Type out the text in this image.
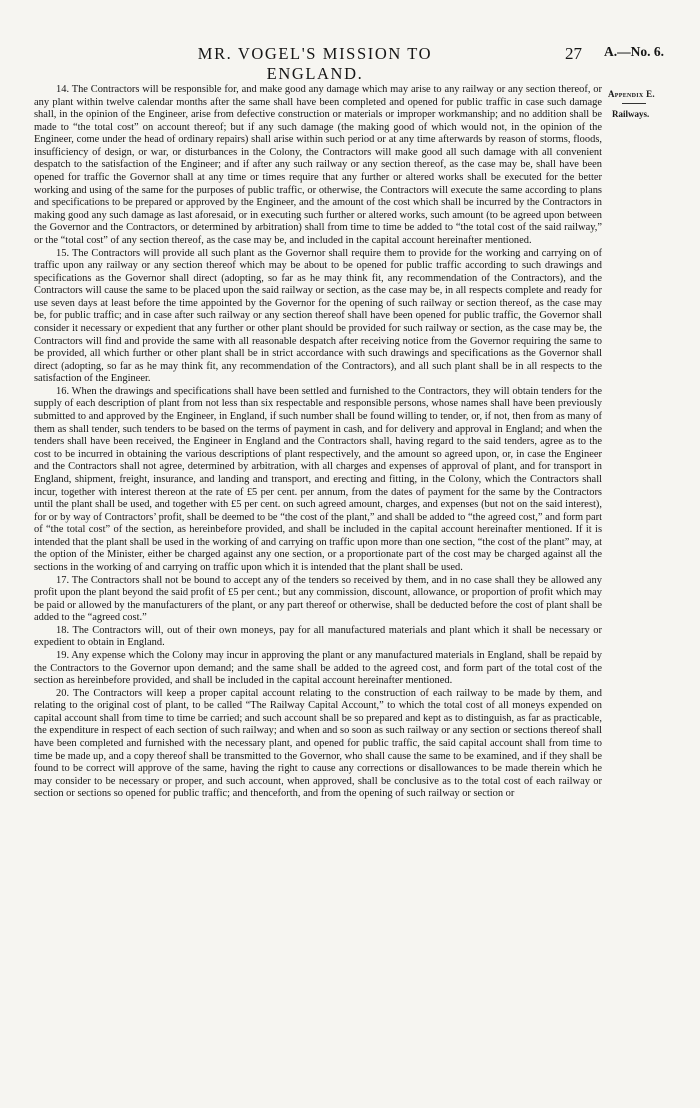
MR. VOGEL'S MISSION TO ENGLAND.
27 A.—No. 6.
Appendix E.
Railways.

14. The Contractors will be responsible for, and make good any damage which may arise to any railway or any section thereof, or any plant within twelve calendar months after the same shall have been completed and opened for public traffic in case such damage shall, in the opinion of the Engineer, arise from defective construction or materials or improper workmanship; and no addition shall be made to “the total cost” on account thereof; but if any such damage (the making good of which would not, in the opinion of the Engineer, come under the head of ordinary repairs) shall arise within such period or at any time afterwards by reason of storms, floods, insufficiency of design, or war, or disturbances in the Colony, the Contractors will make good all such damage with all convenient despatch to the satisfaction of the Engineer; and if after any such railway or any section thereof, as the case may be, shall have been opened for traffic the Governor shall at any time or times require that any further or altered works shall be executed for the better working and using of the same for the purposes of public traffic, or otherwise, the Contractors will execute the same according to plans and specifications to be prepared or approved by the Engineer, and the amount of the cost which shall be incurred by the Contractors in making good any such damage as last aforesaid, or in executing such further or altered works, such amount (to be agreed upon between the Governor and the Contractors, or determined by arbitration) shall from time to time be added to “the total cost of the said railway,” or the “total cost” of any section thereof, as the case may be, and included in the capital account hereinafter mentioned.

15. The Contractors will provide all such plant as the Governor shall require them to provide for the working and carrying on of traffic upon any railway or any section thereof which may be about to be opened for public traffic according to such drawings and specifications as the Governor shall direct (adopting, so far as he may think fit, any recommendation of the Contractors), and the Contractors will cause the same to be placed upon the said railway or section, as the case may be, in all respects complete and ready for use seven days at least before the time appointed by the Governor for the opening of such railway or section thereof, as the case may be, for public traffic; and in case after such railway or any section thereof shall have been opened for public traffic, the Governor shall consider it necessary or expedient that any further or other plant should be provided for such railway or section, as the case may be, the Contractors will find and provide the same with all reasonable despatch after receiving notice from the Governor requiring the same to be provided, all which further or other plant shall be in strict accordance with such drawings and specifications as the Governor shall direct (adopting, so far as he may think fit, any recommendation of the Contractors), and all such plant shall be in all respects to the satisfaction of the Engineer.

16. When the drawings and specifications shall have been settled and furnished to the Contractors, they will obtain tenders for the supply of each description of plant from not less than six respectable and responsible persons, whose names shall have been previously submitted to and approved by the Engineer, in England, if such number shall be found willing to tender, or, if not, then from as many of them as shall tender, such tenders to be based on the terms of payment in cash, and for delivery and approval in England; and when the tenders shall have been received, the Engineer in England and the Contractors shall, having regard to the said tenders, agree as to the cost to be incurred in obtaining the various descriptions of plant respectively, and the amount so agreed upon, or, in case the Engineer and the Contractors shall not agree, determined by arbitration, with all charges and expenses of approval of plant, and for transport in England, shipment, freight, insurance, and landing and transport, and erecting and fitting, in the Colony, which the Contractors shall incur, together with interest thereon at the rate of £5 per cent. per annum, from the dates of payment for the same by the Contractors until the plant shall be used, and together with £5 per cent. on such agreed amount, charges, and expenses (but not on the said interest), for or by way of Contractors’ profit, shall be deemed to be “the cost of the plant,” and shall be added to “the agreed cost,” and form part of “the total cost” of the section, as hereinbefore provided, and shall be included in the capital account hereinafter mentioned. If it is intended that the plant shall be used in the working of and carrying on traffic upon more than one section, “the cost of the plant” may, at the option of the Minister, either be charged against any one section, or a proportionate part of the cost may be charged against all the sections in the working of and carrying on traffic upon which it is intended that the plant shall be used.

17. The Contractors shall not be bound to accept any of the tenders so received by them, and in no case shall they be allowed any profit upon the plant beyond the said profit of £5 per cent.; but any commission, discount, allowance, or proportion of profit which may be paid or allowed by the manufacturers of the plant, or any part thereof or otherwise, shall be deducted before the cost of plant shall be added to the “agreed cost.”

18. The Contractors will, out of their own moneys, pay for all manufactured materials and plant which it shall be necessary or expedient to obtain in England.

19. Any expense which the Colony may incur in approving the plant or any manufactured materials in England, shall be repaid by the Contractors to the Governor upon demand; and the same shall be added to the agreed cost, and form part of the total cost of the section as hereinbefore provided, and shall be included in the capital account hereinafter mentioned.

20. The Contractors will keep a proper capital account relating to the construction of each railway to be made by them, and relating to the original cost of plant, to be called “The Railway Capital Account,” to which the total cost of all moneys expended on capital account shall from time to time be carried; and such account shall be so prepared and kept as to distinguish, as far as practicable, the expenditure in respect of each section of such railway; and when and so soon as such railway or any section or sections thereof shall have been completed and furnished with the necessary plant, and opened for public traffic, the said capital account shall from time to time be made up, and a copy thereof shall be transmitted to the Governor, who shall cause the same to be examined, and if they shall be found to be correct will approve of the same, having the right to cause any corrections or disallowances to be made therein which he may consider to be necessary or proper, and such account, when approved, shall be conclusive as to the total cost of each railway or section or sections so opened for public traffic; and thenceforth, and from the opening of such railway or section or
